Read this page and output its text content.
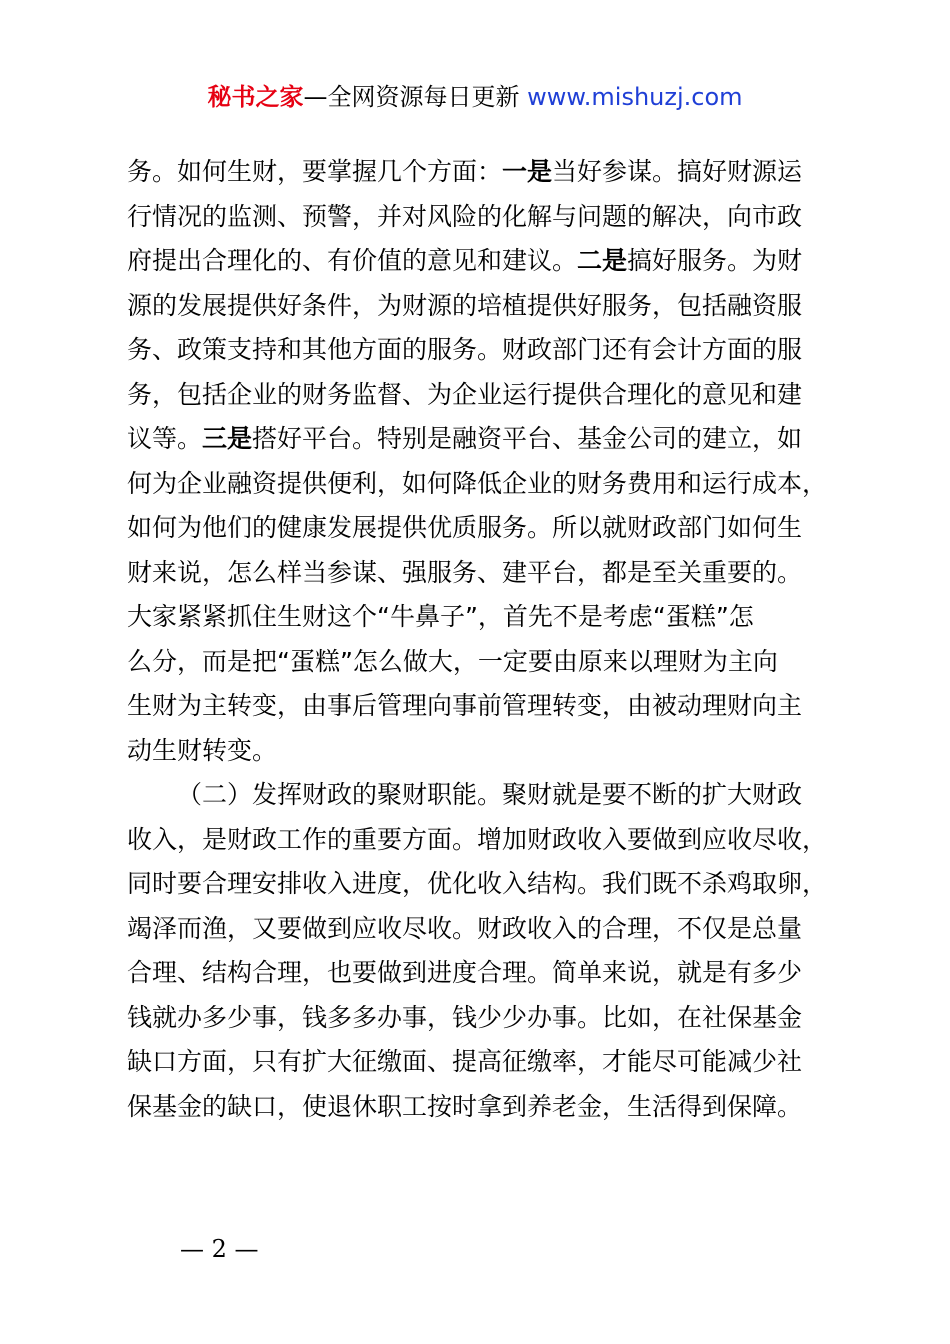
秘书之家—全网资源每日更新 www.mishuzj.com
务。如何生财，要掌握几个方面：一是当好参谋。搞好财源运
行情况的监测、预警，并对风险的化解与问题的解决，向市政
府提出合理化的、有价值的意见和建议。二是搞好服务。为财
源的发展提供好条件，为财源的培植提供好服务，包括融资服
务、政策支持和其他方面的服务。财政部门还有会计方面的服
务，包括企业的财务监督、为企业运行提供合理化的意见和建
议等。三是搭好平台。特别是融资平台、基金公司的建立，如
何为企业融资提供便利，如何降低企业的财务费用和运行成本，
如何为他们的健康发展提供优质服务。所以就财政部门如何生
财来说，怎么样当参谋、强服务、建平台，都是至关重要的。
大家紧紧抓住生财这个“牛鼻子”，首先不是考虑“蛋糕”怎
么分，而是把“蛋糕”怎么做大，一定要由原来以理财为主向
生财为主转变，由事后管理向事前管理转变，由被动理财向主
动生财转变。
（二）发挥财政的聚财职能。聚财就是要不断的扩大财政
收入，是财政工作的重要方面。增加财政收入要做到应收尽收，
同时要合理安排收入进度，优化收入结构。我们既不杀鸡取卵，
竭泽而渔，又要做到应收尽收。财政收入的合理，不仅是总量
合理、结构合理，也要做到进度合理。简单来说，就是有多少
钱就办多少事，钱多多办事，钱少少办事。比如，在社保基金
缺口方面，只有扩大征缴面、提高征缴率，才能尽可能减少社
保基金的缺口，使退休职工按时拿到养老金，生活得到保障。
— 2 —
